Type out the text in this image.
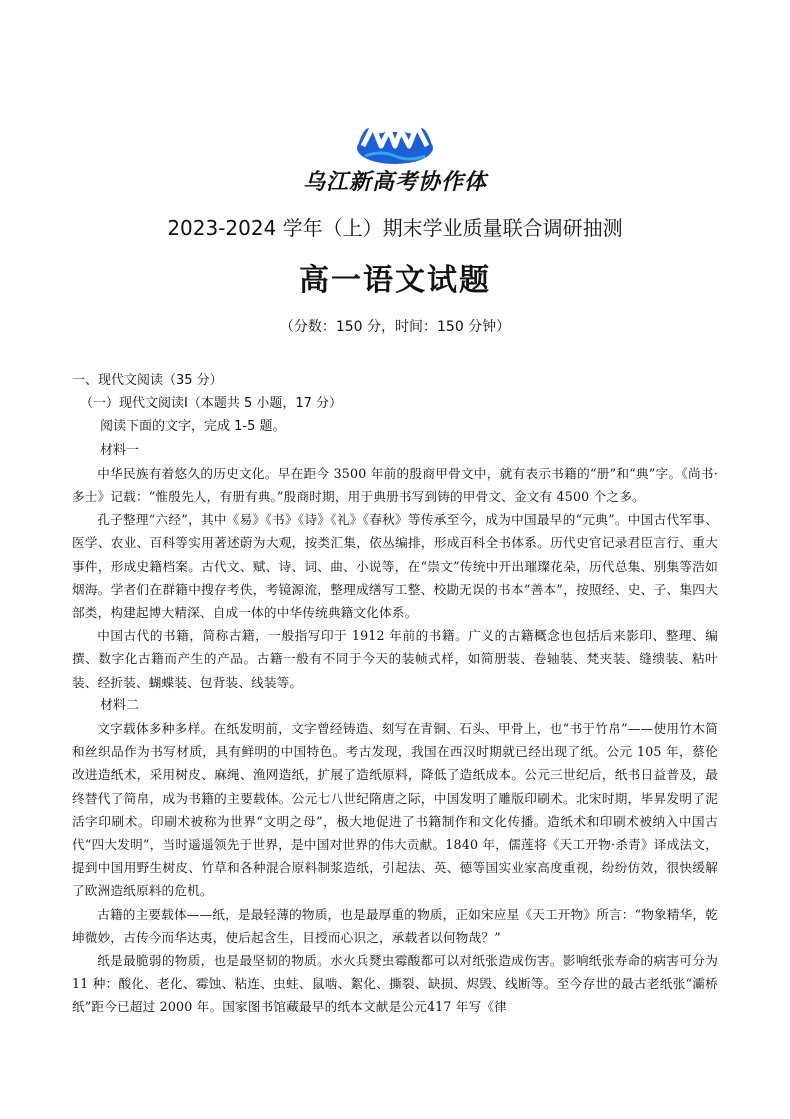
乌江新高考协作体
2023-2024 学年（上）期末学业质量联合调研抽测
高一语文试题
（分数：150 分，时间：150 分钟）

一、现代文阅读（35 分）

（一）现代文阅读Ⅰ（本题共 5 小题，17 分）

阅读下面的文字，完成 1-5 题。

材料一

中华民族有着悠久的历史文化。早在距今 3500 年前的殷商甲骨文中，就有表示书籍的“册”和“典”字。《尚书·多士》记载：“惟殷先人，有册有典。”殷商时期，用于典册书写到铸的甲骨文、金文有 4500 个之多。

孔子整理“六经”，其中《易》《书》《诗》《礼》《春秋》等传承至今，成为中国最早的“元典”。中国古代军事、医学、农业、百科等实用著述蔚为大观，按类汇集，依丛编排，形成百科全书体系。历代史官记录君臣言行、重大事件，形成史籍档案。古代文、赋、诗、词、曲、小说等，在“崇文”传统中开出璀璨花朵，历代总集、别集等浩如烟海。学者们在群籍中搜存考佚，考镜源流，整理成缮写工整、校勘无误的书本“善本”，按照经、史、子、集四大部类，构建起博大精深、自成一体的中华传统典籍文化体系。

中国古代的书籍，简称古籍，一般指写印于 1912 年前的书籍。广义的古籍概念也包括后来影印、整理、编撰、数字化古籍而产生的产品。古籍一般有不同于今天的装帧式样，如简册装、卷轴装、梵夹装、缝缋装、粘叶装、经折装、蝴蝶装、包背装、线装等。

材料二

文字载体多种多样。在纸发明前，文字曾经铸造、刻写在青铜、石头、甲骨上，也“书于竹帛”——使用竹木简和丝织品作为书写材质，具有鲜明的中国特色。考古发现，我国在西汉时期就已经出现了纸。公元 105 年，蔡伦改进造纸术，采用树皮、麻绳、渔网造纸，扩展了造纸原料，降低了造纸成本。公元三世纪后，纸书日益普及，最终替代了简帛，成为书籍的主要载体。公元七八世纪隋唐之际，中国发明了雕版印刷术。北宋时期，毕昇发明了泥活字印刷术。印刷术被称为世界“文明之母”，极大地促进了书籍制作和文化传播。造纸术和印刷术被纳入中国古代“四大发明”，当时遥遥领先于世界，是中国对世界的伟大贡献。1840 年，儒莲将《天工开物·杀青》译成法文，提到中国用野生树皮、竹草和各种混合原料制浆造纸，引起法、英、德等国实业家高度重视，纷纷仿效，很快缓解了欧洲造纸原料的危机。

古籍的主要载体——纸，是最轻薄的物质，也是最厚重的物质，正如宋应星《天工开物》所言：“物象精华，乾坤微妙，古传今而华达夷，使后起含生，目授而心识之，承载者以何物哉？”

纸是最脆弱的物质，也是最坚韧的物质。水火兵燹虫霉酸都可以对纸张造成伤害。影响纸张寿命的病害可分为 11 种：酸化、老化、霉蚀、粘连、虫蛀、鼠啮、絮化、撕裂、缺损、烬毁、线断等。至今存世的最古老纸张“灞桥纸”距今已超过 2000 年。国家图书馆藏最早的纸本文献是公元417 年写《律
